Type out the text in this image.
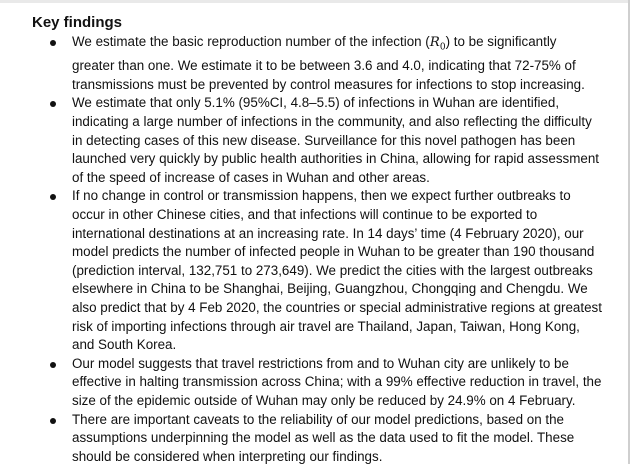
Key findings
We estimate the basic reproduction number of the infection $(R_0)$ to be significantly greater than one. We estimate it to be between 3.6 and 4.0, indicating that 72-75% of transmissions must be prevented by control measures for infections to stop increasing.
We estimate that only 5.1% (95%CI, 4.8–5.5) of infections in Wuhan are identified, indicating a large number of infections in the community, and also reflecting the difficulty in detecting cases of this new disease. Surveillance for this novel pathogen has been launched very quickly by public health authorities in China, allowing for rapid assessment of the speed of increase of cases in Wuhan and other areas.
If no change in control or transmission happens, then we expect further outbreaks to occur in other Chinese cities, and that infections will continue to be exported to international destinations at an increasing rate. In 14 days’ time (4 February 2020), our model predicts the number of infected people in Wuhan to be greater than 190 thousand (prediction interval, 132,751 to 273,649). We predict the cities with the largest outbreaks elsewhere in China to be Shanghai, Beijing, Guangzhou, Chongqing and Chengdu. We also predict that by 4 Feb 2020, the countries or special administrative regions at greatest risk of importing infections through air travel are Thailand, Japan, Taiwan, Hong Kong, and South Korea.
Our model suggests that travel restrictions from and to Wuhan city are unlikely to be effective in halting transmission across China; with a 99% effective reduction in travel, the size of the epidemic outside of Wuhan may only be reduced by 24.9% on 4 February.
There are important caveats to the reliability of our model predictions, based on the assumptions underpinning the model as well as the data used to fit the model. These should be considered when interpreting our findings.
